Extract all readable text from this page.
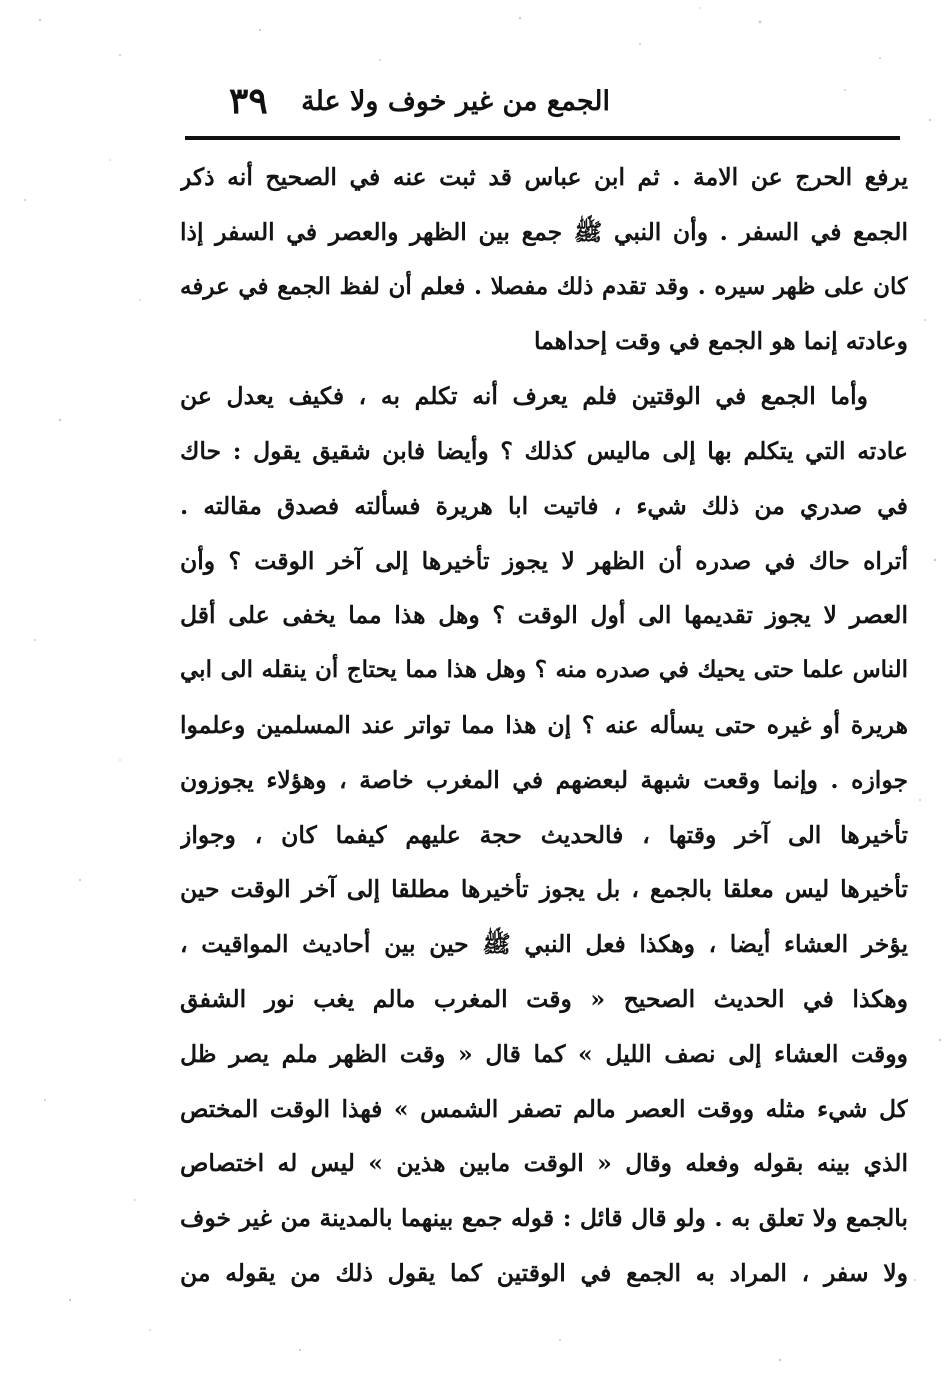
الجمع من غير خوف ولا علة
٣٩
يرفع الحرج عن الامة . ثم ابن عباس قد ثبت عنه في الصحيح أنه ذكر
الجمع في السفر . وأن النبي ﷺ جمع بين الظهر والعصر في السفر إذا
كان على ظهر سيره . وقد تقدم ذلك مفصلا . فعلم أن لفظ الجمع في عرفه
وعادته إنما هو الجمع في وقت إحداهما
وأما الجمع في الوقتين فلم يعرف أنه تكلم به ، فكيف يعدل عن
عادته التي يتكلم بها إلى ماليس كذلك ؟ وأيضا فابن شقيق يقول : حاك
في صدري من ذلك شيء ، فاتيت ابا هريرة فسألته فصدق مقالته .
أتراه حاك في صدره أن الظهر لا يجوز تأخيرها إلى آخر الوقت ؟ وأن
العصر لا يجوز تقديمها الى أول الوقت ؟ وهل هذا مما يخفى على أقل
الناس علما حتى يحيك في صدره منه ؟ وهل هذا مما يحتاج أن ينقله الى ابي
هريرة أو غيره حتى يسأله عنه ؟ إن هذا مما تواتر عند المسلمين وعلموا
جوازه . وإنما وقعت شبهة لبعضهم في المغرب خاصة ، وهؤلاء يجوزون
تأخيرها الى آخر وقتها ، فالحديث حجة عليهم كيفما كان ، وجواز
تأخيرها ليس معلقا بالجمع ، بل يجوز تأخيرها مطلقا إلى آخر الوقت حين
يؤخر العشاء أيضا ، وهكذا فعل النبي ﷺ حين بين أحاديث المواقيت ،
وهكذا في الحديث الصحيح « وقت المغرب مالم يغب نور الشفق
ووقت العشاء إلى نصف الليل » كما قال « وقت الظهر ملم يصر ظل
كل شيء مثله ووقت العصر مالم تصفر الشمس » فهذا الوقت المختص
الذي بينه بقوله وفعله وقال « الوقت مابين هذين » ليس له اختصاص
بالجمع ولا تعلق به . ولو قال قائل : قوله جمع بينهما بالمدينة من غير خوف
ولا سفر ، المراد به الجمع في الوقتين كما يقول ذلك من يقوله من
